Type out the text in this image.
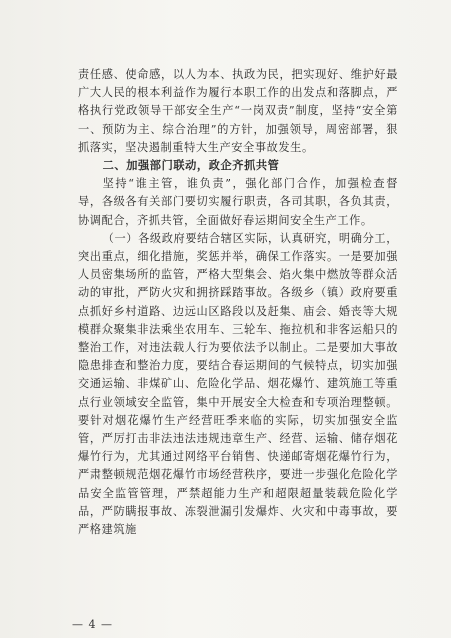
责任感、使命感，以人为本、执政为民，把实现好、维护好最广大人民的根本利益作为履行本职工作的出发点和落脚点，严格执行党政领导干部安全生产“一岗双责”制度，坚持“安全第一、预防为主、综合治理”的方针，加强领导，周密部署，狠抓落实，坚决遏制重特大生产安全事故发生。

二、加强部门联动，政企齐抓共管

坚持“谁主管，谁负责”，强化部门合作，加强检查督导，各级各有关部门要切实履行职责，各司其职，各负其责，协调配合，齐抓共管，全面做好春运期间安全生产工作。

（一）各级政府要结合辖区实际，认真研究，明确分工，突出重点，细化措施，奖惩并举，确保工作落实。一是要加强人员密集场所的监管，严格大型集会、焰火集中燃放等群众活动的审批，严防火灾和拥挤踩踏事故。各级乡（镇）政府要重点抓好乡村道路、边远山区路段以及赶集、庙会、婚丧等大规模群众聚集非法乘坐农用车、三轮车、拖拉机和非客运船只的整治工作，对违法载人行为要依法予以制止。二是要加大事故隐患排查和整治力度，要结合春运期间的气候特点，切实加强交通运输、非煤矿山、危险化学品、烟花爆竹、建筑施工等重点行业领域安全监管，集中开展安全大检查和专项治理整顿。要针对烟花爆竹生产经营旺季来临的实际，切实加强安全监管，严厉打击非法违法违规违章生产、经营、运输、储存烟花爆竹行为，尤其通过网络平台销售、快递邮寄烟花爆竹行为，严肃整顿规范烟花爆竹市场经营秩序，要进一步强化危险化学品安全监管管理，严禁超能力生产和超限超量装载危险化学品，严防瞒报事故、冻裂泄漏引发爆炸、火灾和中毒事故，要严格建筑施

— 4 —
